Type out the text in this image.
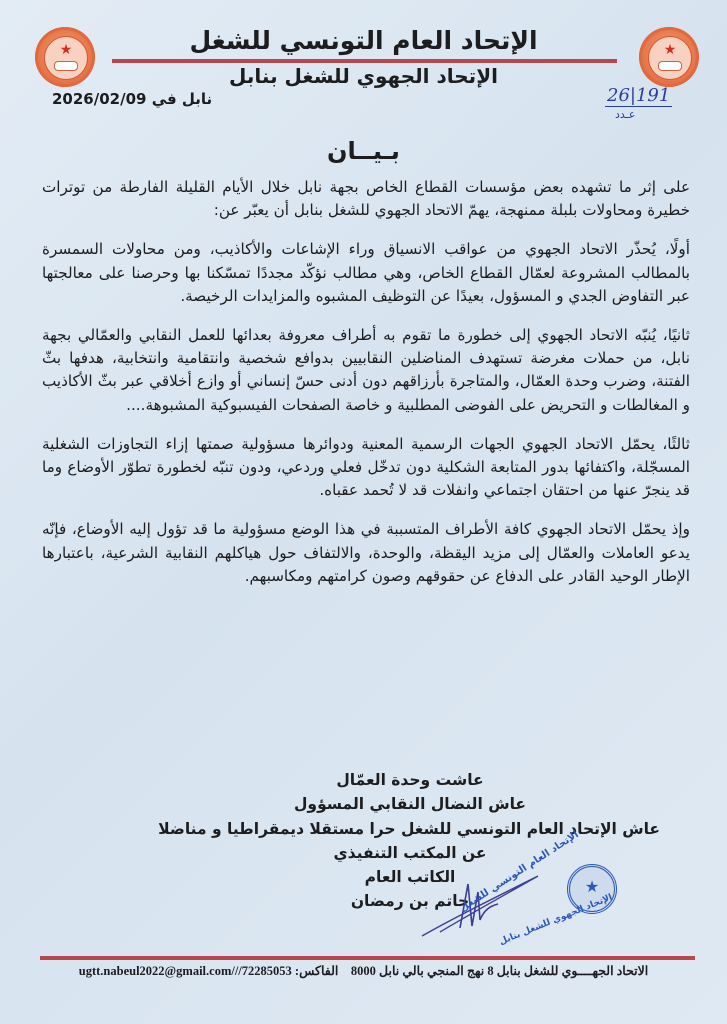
★	★
الإتحاد العام التونسي للشغل
الإتحاد الجهوي للشغل بنابل
نابل في 2026/02/09	26|191
عـدد
بـيــان

على إثر ما تشهده بعض مؤسسات القطاع الخاص بجهة نابل خلال الأيام القليلة الفارطة من توترات خطيرة ومحاولات بلبلة ممنهجة، يهمّ الاتحاد الجهوي للشغل بنابل أن يعبّر عن:

أولًا، يُحذّر الاتحاد الجهوي من عواقب الانسياق وراء الإشاعات والأكاذيب، ومن محاولات السمسرة بالمطالب المشروعة لعمّال القطاع الخاص، وهي مطالب نؤكّد مجددًا تمسّكنا بها وحرصنا على معالجتها عبر التفاوض الجدي و المسؤول، بعيدًا عن التوظيف المشبوه والمزايدات الرخيصة.

ثانيًا، يُنبّه الاتحاد الجهوي إلى خطورة ما تقوم به أطراف معروفة بعدائها للعمل النقابي والعمّالي بجهة نابل، من حملات مغرضة تستهدف المناضلين النقابيين بدوافع شخصية وانتقامية وانتخابية، هدفها بثّ الفتنة، وضرب وحدة العمّال، والمتاجرة بأرزاقهم دون أدنى حسّ إنساني أو وازع أخلاقي عبر بثّ الأكاذيب و المغالطات و التحريض على الفوضى المطلبية و خاصة الصفحات الفيسبوكية المشبوهة....

ثالثًا، يحمّل الاتحاد الجهوي الجهات الرسمية المعنية ودوائرها مسؤولية صمتها إزاء التجاوزات الشغلية المسجّلة، واكتفائها بدور المتابعة الشكلية دون تدخّل فعلي وردعي، ودون تنبّه لخطورة تطوّر الأوضاع وما قد ينجرّ عنها من احتقان اجتماعي وانفلات قد لا تُحمد عقباه.

وإذ يحمّل الاتحاد الجهوي كافة الأطراف المتسببة في هذا الوضع مسؤولية ما قد تؤول إليه الأوضاع، فإنّه يدعو العاملات والعمّال إلى مزيد اليقظة، والوحدة، والالتفاف حول هياكلهم النقابية الشرعية، باعتبارها الإطار الوحيد القادر على الدفاع عن حقوقهم وصون كرامتهم ومكاسبهم.

عاشت وحدة العمّال
عاش النضال النقابي المسؤول
عاش الإتحاد العام التونسي للشغل حرا مستقلا ديمقراطيا و مناضلا
عن المكتب التنفيذي
الكاتب العام
حاتم بن رمضان
★
الإتحاد العام التونسي للشغل
الإتحاد الجهوي للشغل بنابل
الاتحاد الجهــــوي للشغل بنابل 8 نهج المنجي بالي نابل 8000    الفاكس: ugtt.nabeul2022@gmail.com///72285053
